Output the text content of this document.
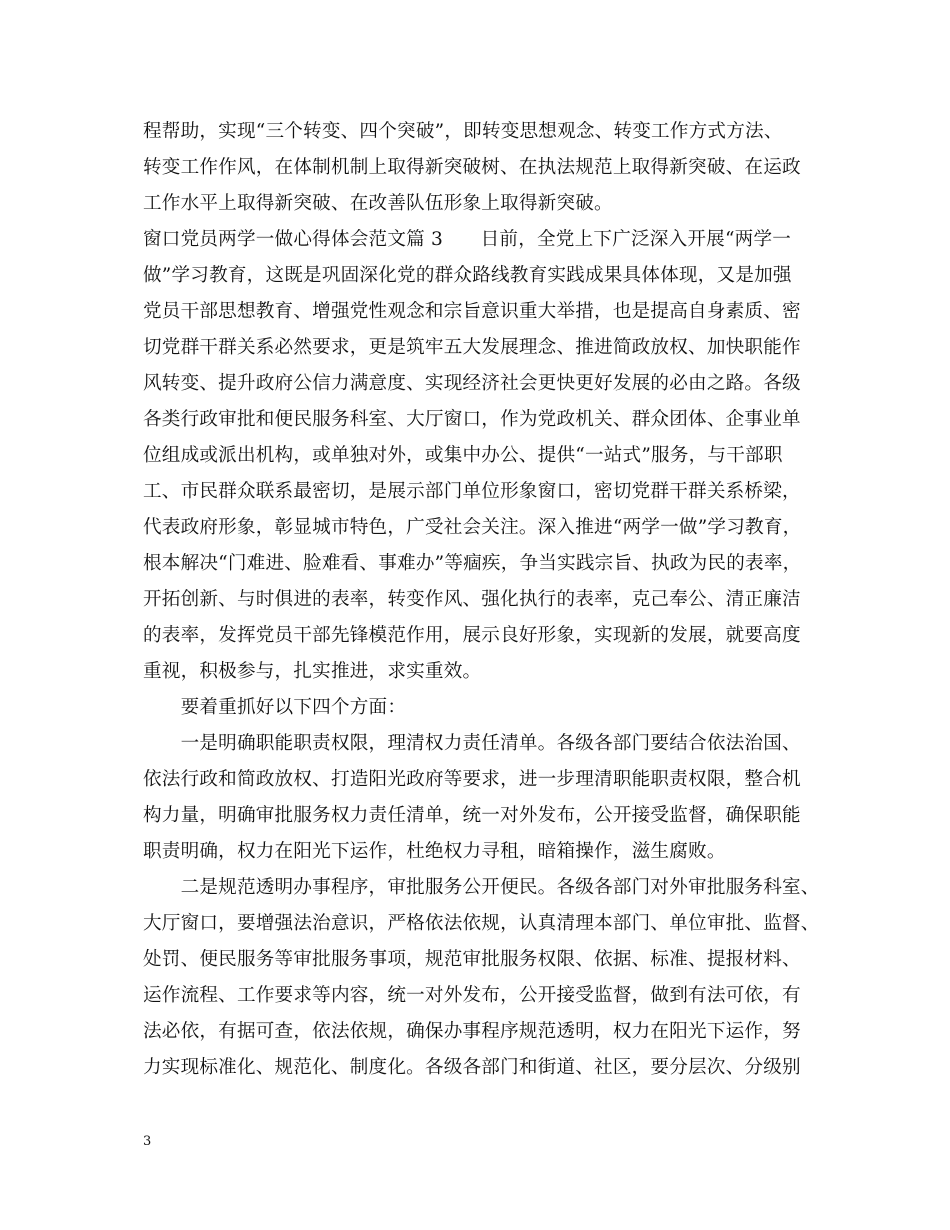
程帮助，实现“三个转变、四个突破”，即转变思想观念、转变工作方式方法、
转变工作作风，在体制机制上取得新突破树、在执法规范上取得新突破、在运政
工作水平上取得新突破、在改善队伍形象上取得新突破。
窗口党员两学一做心得体会范文篇 3　　日前，全党上下广泛深入开展“两学一
做”学习教育，这既是巩固深化党的群众路线教育实践成果具体体现，又是加强
党员干部思想教育、增强党性观念和宗旨意识重大举措，也是提高自身素质、密
切党群干群关系必然要求，更是筑牢五大发展理念、推进简政放权、加快职能作
风转变、提升政府公信力满意度、实现经济社会更快更好发展的必由之路。各级
各类行政审批和便民服务科室、大厅窗口，作为党政机关、群众团体、企事业单
位组成或派出机构，或单独对外，或集中办公、提供“一站式”服务，与干部职
工、市民群众联系最密切，是展示部门单位形象窗口，密切党群干群关系桥梁，
代表政府形象，彰显城市特色，广受社会关注。深入推进“两学一做”学习教育，
根本解决“门难进、脸难看、事难办”等痼疾，争当实践宗旨、执政为民的表率，
开拓创新、与时俱进的表率，转变作风、强化执行的表率，克己奉公、清正廉洁
的表率，发挥党员干部先锋模范作用，展示良好形象，实现新的发展，就要高度
重视，积极参与，扎实推进，求实重效。
　　要着重抓好以下四个方面：
　　一是明确职能职责权限，理清权力责任清单。各级各部门要结合依法治国、
依法行政和简政放权、打造阳光政府等要求，进一步理清职能职责权限，整合机
构力量，明确审批服务权力责任清单，统一对外发布，公开接受监督，确保职能
职责明确，权力在阳光下运作，杜绝权力寻租，暗箱操作，滋生腐败。
　　二是规范透明办事程序，审批服务公开便民。各级各部门对外审批服务科室、
大厅窗口，要增强法治意识，严格依法依规，认真清理本部门、单位审批、监督、
处罚、便民服务等审批服务事项，规范审批服务权限、依据、标准、提报材料、
运作流程、工作要求等内容，统一对外发布，公开接受监督，做到有法可依，有
法必依，有据可查，依法依规，确保办事程序规范透明，权力在阳光下运作，努
力实现标准化、规范化、制度化。各级各部门和街道、社区，要分层次、分级别
3
